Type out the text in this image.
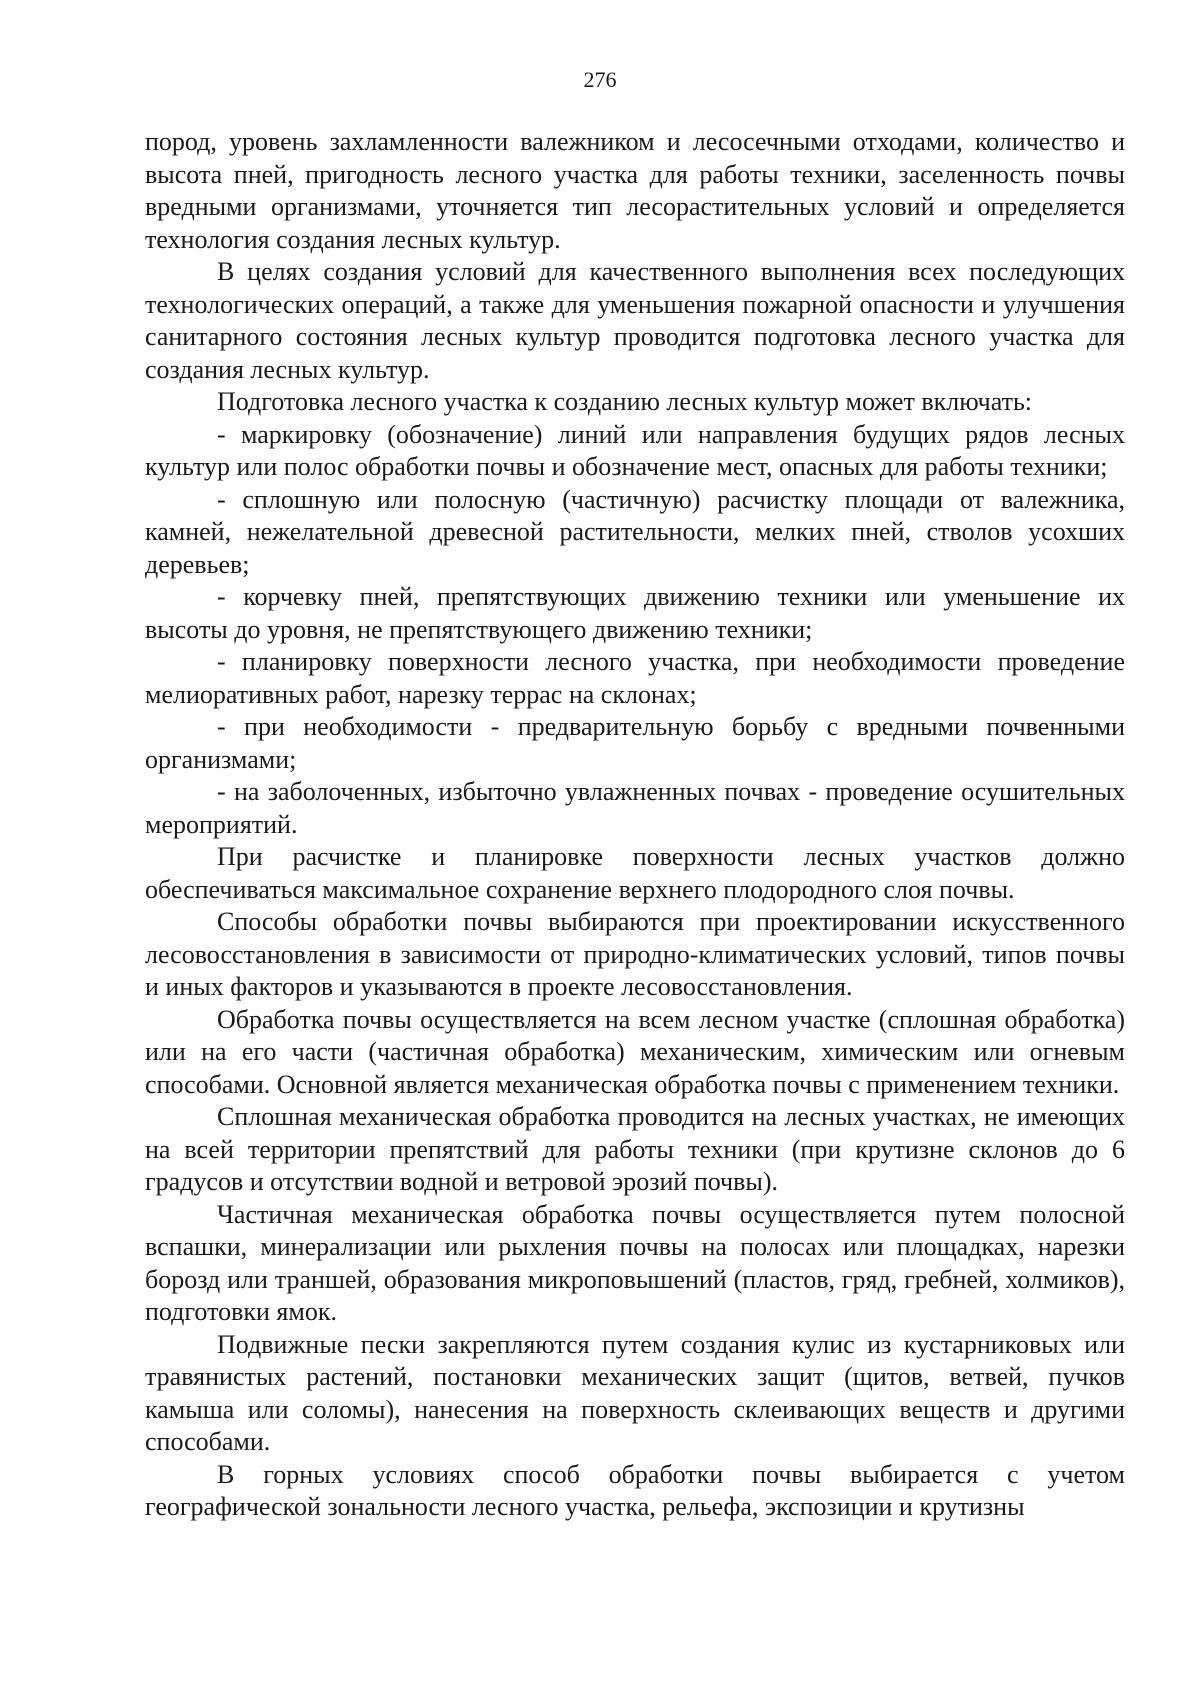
276

пород, уровень захламленности валежником и лесосечными отходами, количество и высота пней, пригодность лесного участка для работы техники, заселенность почвы вредными организмами, уточняется тип лесорастительных условий и определяется технология создания лесных культур.

В целях создания условий для качественного выполнения всех последующих технологических операций, а также для уменьшения пожарной опасности и улучшения санитарного состояния лесных культур проводится подготовка лесного участка для создания лесных культур.

Подготовка лесного участка к созданию лесных культур может включать:

- маркировку (обозначение) линий или направления будущих рядов лесных культур или полос обработки почвы и обозначение мест, опасных для работы техники;

- сплошную или полосную (частичную) расчистку площади от валежника, камней, нежелательной древесной растительности, мелких пней, стволов усохших деревьев;

- корчевку пней, препятствующих движению техники или уменьшение их высоты до уровня, не препятствующего движению техники;

- планировку поверхности лесного участка, при необходимости проведение мелиоративных работ, нарезку террас на склонах;

- при необходимости - предварительную борьбу с вредными почвенными организмами;

- на заболоченных, избыточно увлажненных почвах - проведение осушительных мероприятий.

При расчистке и планировке поверхности лесных участков должно обеспечиваться максимальное сохранение верхнего плодородного слоя почвы.

Способы обработки почвы выбираются при проектировании искусственного лесовосстановления в зависимости от природно-климатических условий, типов почвы и иных факторов и указываются в проекте лесовосстановления.

Обработка почвы осуществляется на всем лесном участке (сплошная обработка) или на его части (частичная обработка) механическим, химическим или огневым способами. Основной является механическая обработка почвы с применением техники.

Сплошная механическая обработка проводится на лесных участках, не имеющих на всей территории препятствий для работы техники (при крутизне склонов до 6 градусов и отсутствии водной и ветровой эрозий почвы).

Частичная механическая обработка почвы осуществляется путем полосной вспашки, минерализации или рыхления почвы на полосах или площадках, нарезки борозд или траншей, образования микроповышений (пластов, гряд, гребней, холмиков), подготовки ямок.

Подвижные пески закрепляются путем создания кулис из кустарниковых или травянистых растений, постановки механических защит (щитов, ветвей, пучков камыша или соломы), нанесения на поверхность склеивающих веществ и другими способами.

В горных условиях способ обработки почвы выбирается с учетом географической зональности лесного участка, рельефа, экспозиции и крутизны
